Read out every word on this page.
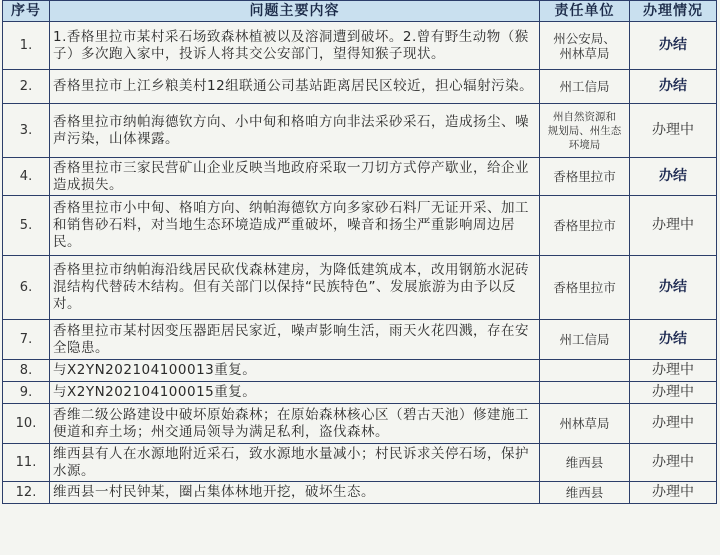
序号	问题主要内容	责任单位	办理情况
1.	1.香格里拉市某村采石场致森林植被以及溶洞遭到破坏。2.曾有野生动物（猴子）多次跑入家中，投诉人将其交公安部门，望得知猴子现状。	州公安局、
州林草局	办结
2.	香格里拉市上江乡粮美村12组联通公司基站距离居民区较近，担心辐射污染。	州工信局	办结
3.	香格里拉市纳帕海德钦方向、小中甸和格咱方向非法采砂采石，造成扬尘、噪声污染，山体裸露。	州自然资源和
规划局、州生态
环境局	办理中
4.	香格里拉市三家民营矿山企业反映当地政府采取一刀切方式停产歇业，给企业造成损失。	香格里拉市	办结
5.	香格里拉市小中甸、格咱方向、纳帕海德钦方向多家砂石料厂无证开采、加工和销售砂石料，对当地生态环境造成严重破坏，噪音和扬尘严重影响周边居民。	香格里拉市	办理中
6.	香格里拉市纳帕海沿线居民砍伐森林建房，为降低建筑成本，改用钢筋水泥砖混结构代替砖木结构。但有关部门以保持“民族特色”、发展旅游为由予以反对。	香格里拉市	办结
7.	香格里拉市某村因变压器距居民家近，噪声影响生活，雨天火花四溅，存在安全隐患。	州工信局	办结
8.	与X2YN202104100013重复。		办理中
9.	与X2YN202104100015重复。		办理中
10.	香维二级公路建设中破坏原始森林；在原始森林核心区（碧古天池）修建施工便道和弃土场；州交通局领导为满足私利，盗伐森林。	州林草局	办理中
11.	维西县有人在水源地附近采石，致水源地水量减小；村民诉求关停石场，保护水源。	维西县	办理中
12.	维西县一村民钟某，圈占集体林地开挖，破坏生态。	维西县	办理中
